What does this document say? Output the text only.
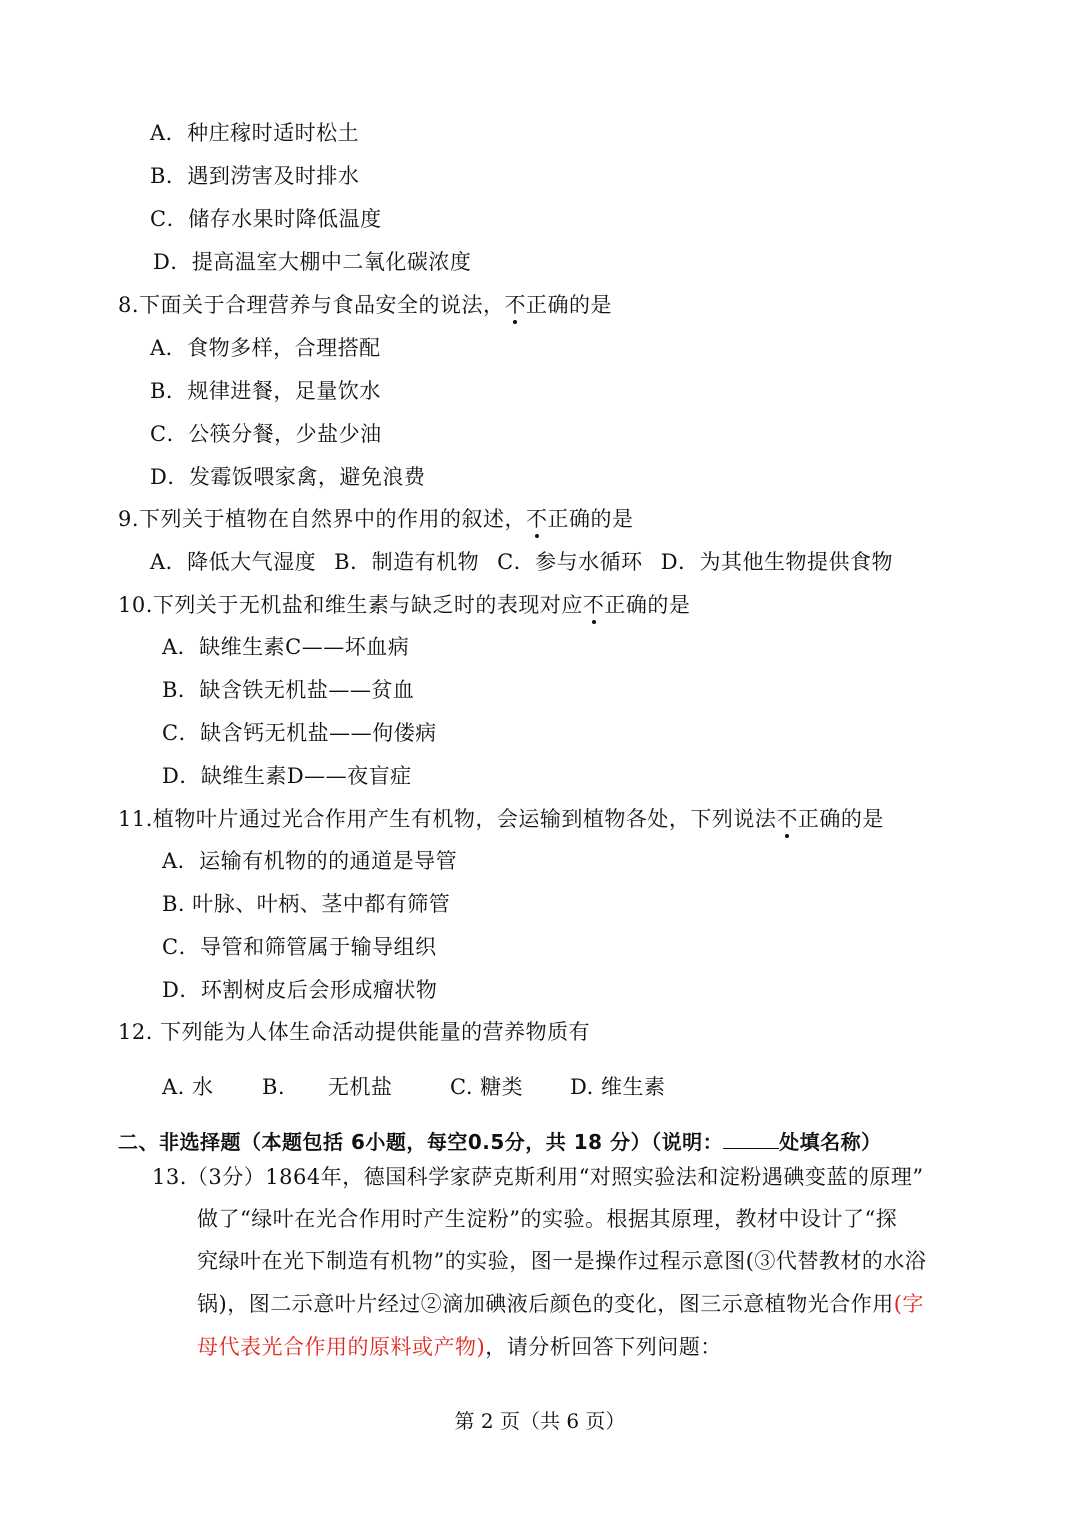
A．种庄稼时适时松土
B．遇到涝害及时排水
C．储存水果时降低温度
D．提高温室大棚中二氧化碳浓度
8.下面关于合理营养与食品安全的说法，不正确的是
A．食物多样，合理搭配
B．规律进餐，足量饮水
C．公筷分餐，少盐少油
D．发霉饭喂家禽，避免浪费
9.下列关于植物在自然界中的作用的叙述，不正确的是
A．降低大气湿度 B．制造有机物 C．参与水循环 D．为其他生物提供食物
10.下列关于无机盐和维生素与缺乏时的表现对应不正确的是
A．缺维生素C——坏血病
B．缺含铁无机盐——贫血
C．缺含钙无机盐——佝偻病
D．缺维生素D——夜盲症
11.植物叶片通过光合作用产生有机物，会运输到植物各处，下列说法不正确的是
A．运输有机物的的通道是导管
B. 叶脉、叶柄、茎中都有筛管
C．导管和筛管属于输导组织
D．环割树皮后会形成瘤状物
12. 下列能为人体生命活动提供能量的营养物质有
A. 水 B. 无机盐	C. 糖类 D. 维生素
二、非选择题（本题包括 6小题，每空0.5分，共 18 分）（说明：	处填名称）
13.（3分）1864年，德国科学家萨克斯利用“对照实验法和淀粉遇碘变蓝的原理”
做了“绿叶在光合作用时产生淀粉”的实验。根据其原理，教材中设计了“探
究绿叶在光下制造有机物”的实验，图一是操作过程示意图(③代替教材的水浴
锅)，图二示意叶片经过②滴加碘液后颜色的变化，图三示意植物光合作用(字
母代表光合作用的原料或产物)，请分析回答下列问题：
第 2 页（共 6 页）
